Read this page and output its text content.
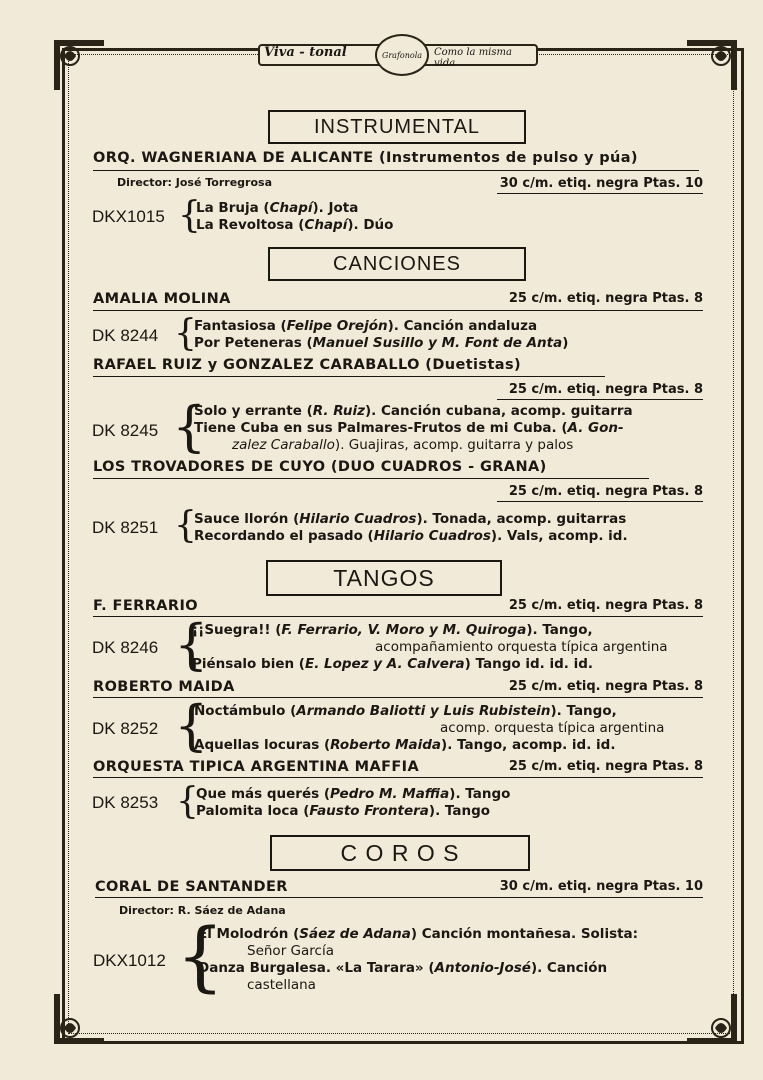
Viva - tonal	Como la misma vida
Grafonola
INSTRUMENTAL
ORQ. WAGNERIANA DE ALICANTE (Instrumentos de pulso y púa)
Director: José Torregrosa	30 c/m. etiq. negra Ptas. 10
DKX1015 {
La Bruja (Chapí). Jota
La Revoltosa (Chapí). Dúo
CANCIONES
AMALIA MOLINA	25 c/m. etiq. negra Ptas. 8
DK 8244 {
Fantasiosa (Felipe Orejón). Canción andaluza
Por Peteneras (Manuel Susillo y M. Font de Anta)
RAFAEL RUIZ y GONZALEZ CARABALLO (Duetistas)
25 c/m. etiq. negra Ptas. 8
DK 8245 {
Solo y errante (R. Ruiz). Canción cubana, acomp. guitarra
Tiene Cuba en sus Palmares-Frutos de mi Cuba. (A. Gon-
zalez Caraballo). Guajiras, acomp. guitarra y palos
LOS TROVADORES DE CUYO (DUO CUADROS - GRANA)
25 c/m. etiq. negra Ptas. 8
DK 8251 {
Sauce llorón (Hilario Cuadros). Tonada, acomp. guitarras
Recordando el pasado (Hilario Cuadros). Vals, acomp. id.
TANGOS
F. FERRARIO	25 c/m. etiq. negra Ptas. 8
DK 8246 {
¡¡Suegra!! (F. Ferrario, V. Moro y M. Quiroga). Tango,
acompañamiento orquesta típica argentina
Piénsalo bien (E. Lopez y A. Calvera) Tango id. id. id.
ROBERTO MAIDA	25 c/m. etiq. negra Ptas. 8
DK 8252 {
Noctámbulo (Armando Baliotti y Luis Rubistein). Tango,
acomp. orquesta típica argentina
Aquellas locuras (Roberto Maida). Tango, acomp. id. id.
ORQUESTA TIPICA ARGENTINA MAFFIA	25 c/m. etiq. negra Ptas. 8
DK 8253 {
Que más querés (Pedro M. Maffia). Tango
Palomita loca (Fausto Frontera). Tango
C O R O S
CORAL DE SANTANDER	30 c/m. etiq. negra Ptas. 10
Director: R. Sáez de Adana
DKX1012 {
El Molodrón (Sáez de Adana) Canción montañesa. Solista:
Señor García
Danza Burgalesa. «La Tarara» (Antonio-José). Canción
castellana
